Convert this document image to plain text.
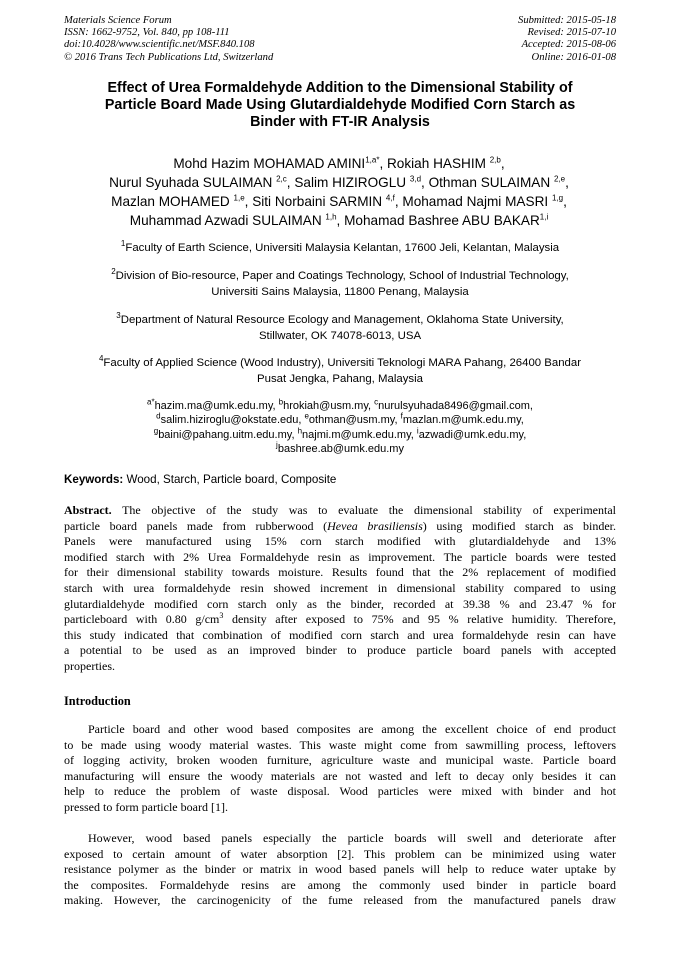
Materials Science Forum
ISSN: 1662-9752, Vol. 840, pp 108-111
doi:10.4028/www.scientific.net/MSF.840.108
© 2016 Trans Tech Publications Ltd, Switzerland
Submitted: 2015-05-18
Revised: 2015-07-10
Accepted: 2015-08-06
Online: 2016-01-08
Effect of Urea Formaldehyde Addition to the Dimensional Stability of
Particle Board Made Using Glutardialdehyde Modified Corn Starch as
Binder with FT-IR Analysis
Mohd Hazim MOHAMAD $AMINI^{1,a*}$, Rokiah HASHIM $^{2,b}$,
Nurul Syuhada SULAIMAN $^{2,c}$, Salim HIZIROGLU $^{3,d}$, Othman SULAIMAN $^{2,e}$,
Mazlan MOHAMED $^{1,e}$, Siti Norbaini SARMIN $^{4,f}$, Mohamad Najmi MASRI $^{1,g}$,
Muhammad Azwadi SULAIMAN $^{1,h}$, Mohamad Bashree ABU BAKAR$^{1,i}$
$^1$Faculty of Earth Science, Universiti Malaysia Kelantan, 17600 Jeli, Kelantan, Malaysia
$^2$Division of Bio-resource, Paper and Coatings Technology, School of Industrial Technology,
Universiti Sains Malaysia, 11800 Penang, Malaysia
$^3$Department of Natural Resource Ecology and Management, Oklahoma State University,
Stillwater, OK 74078-6013, USA
$^4$Faculty of Applied Science (Wood Industry), Universiti Teknologi MARA Pahang, 26400 Bandar
Pusat Jengka, Pahang, Malaysia
$^{a*}$hazim.ma@umk.edu.my, $^b$hrokiah@usm.my, $^c$nurulsyuhada8496@gmail.com,
$^d$salim.hiziroglu@okstate.edu, $^e$othman@usm.my, $^f$mazlan.m@umk.edu.my,
$^g$baini@pahang.uitm.edu.my, $^h$najmi.m@umk.edu.my, $^i$azwadi@umk.edu.my,
$^j$bashree.ab@umk.edu.my
Keywords: Wood, Starch, Particle board, Composite
Abstract. The objective of the study was to evaluate the dimensional stability of experimental
particle board panels made from rubberwood (Hevea brasiliensis) using modified starch as binder.
Panels were manufactured using 15% corn starch modified with glutardialdehyde and 13%
modified starch with 2% Urea Formaldehyde resin as improvement. The particle boards were tested
for their dimensional stability towards moisture. Results found that the 2% replacement of modified
starch with urea formaldehyde resin showed increment in dimensional stability compared to using
glutardialdehyde modified corn starch only as the binder, recorded at 39.38 % and 23.47 % for
particleboard with 0.80 $g/cm^3$ density after exposed to 75% and 95 % relative humidity. Therefore,
this study indicated that combination of modified corn starch and urea formaldehyde resin can have
a potential to be used as an improved binder to produce particle board panels with accepted
properties.
Introduction
Particle board and other wood based composites are among the excellent choice of end product
to be made using woody material wastes. This waste might come from sawmilling process, leftovers
of logging activity, broken wooden furniture, agriculture waste and municipal waste. Particle board
manufacturing will ensure the woody materials are not wasted and left to decay only besides it can
help to reduce the problem of waste disposal. Wood particles were mixed with binder and hot
pressed to form particle board [1].
However, wood based panels especially the particle boards will swell and deteriorate after
exposed to certain amount of water absorption [2]. This problem can be minimized using water
resistance polymer as the binder or matrix in wood based panels will help to reduce water uptake by
the composites. Formaldehyde resins are among the commonly used binder in particle board
making. However, the carcinogenicity of the fume released from the manufactured panels draw
